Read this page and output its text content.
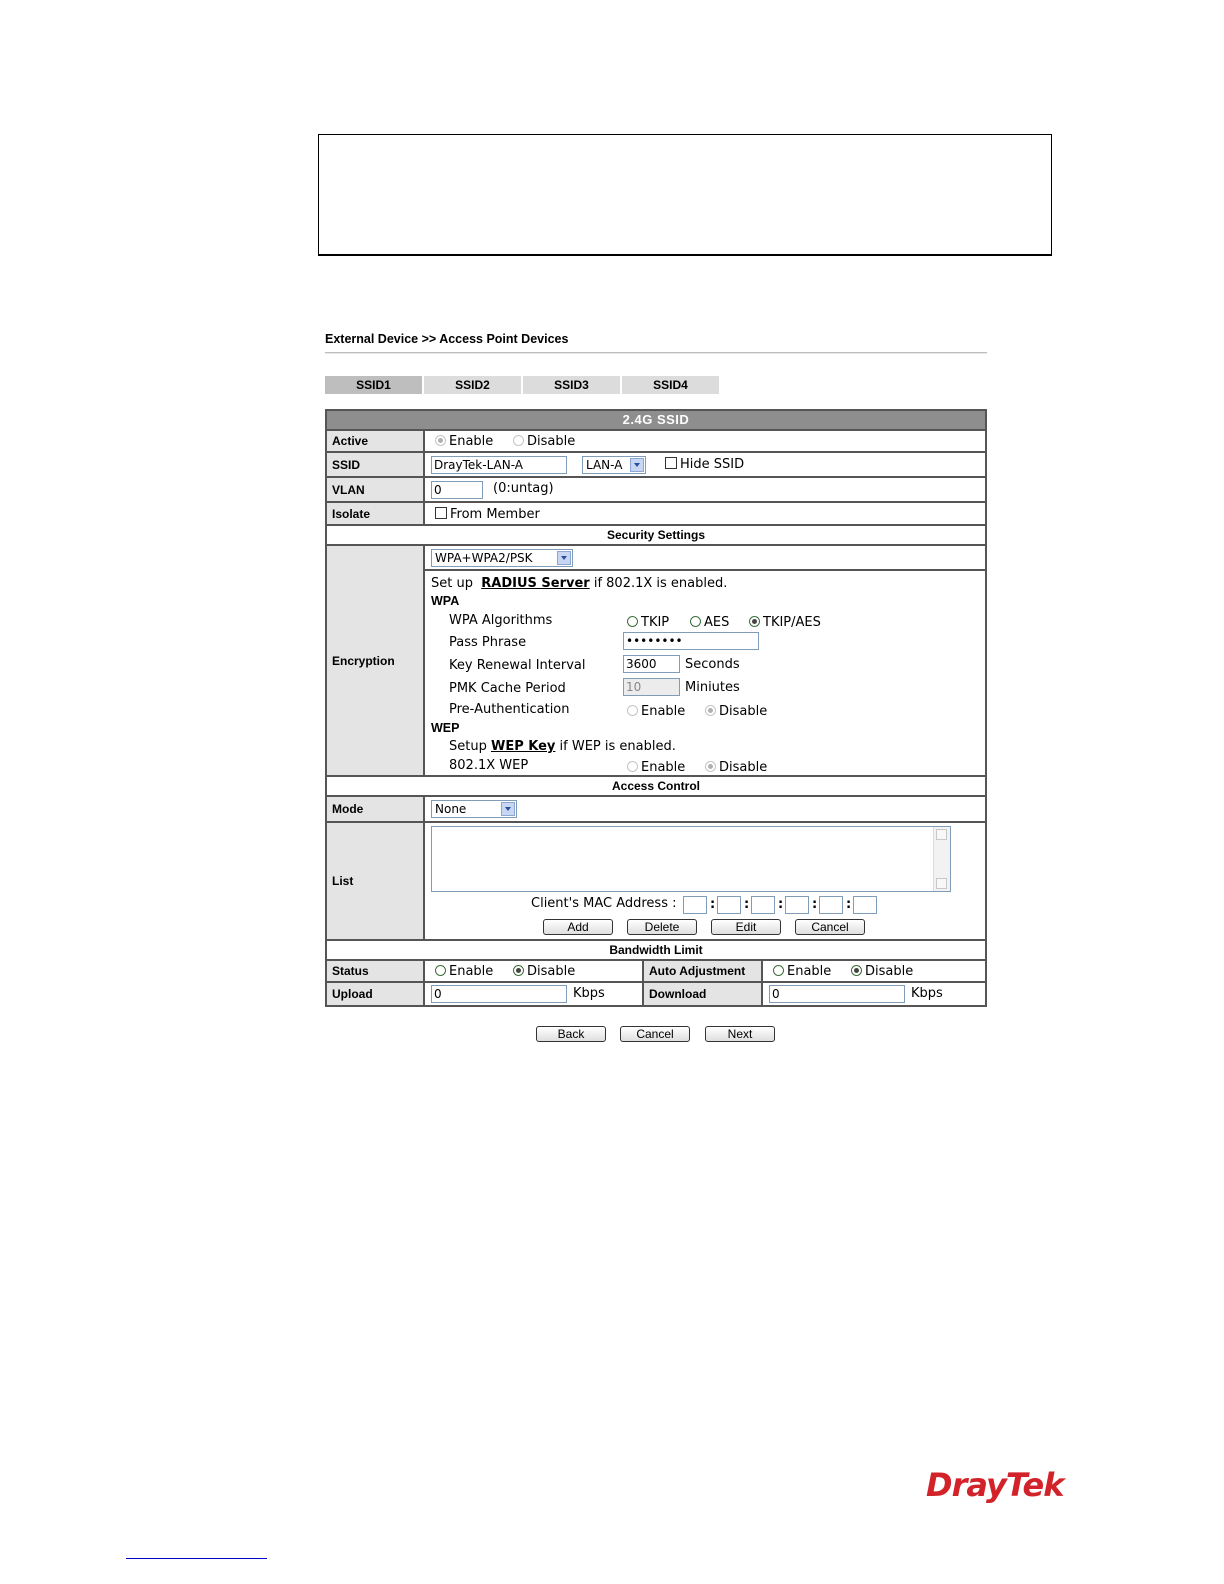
External Device >> Access Point Devices
SSID1	SSID2	SSID3	SSID4
2.4G SSID
Active	Enable	Disable
SSID	DrayTek-LAN-A	LAN-A	Hide SSID
VLAN	0	(0:untag)
Isolate	From Member
Security Settings
Encryption
WPA+WPA2/PSK
Set up RADIUS Server if 802.1X is enabled.
WPA
WPA Algorithms	TKIP	AES	TKIP/AES
Pass Phrase	••••••••
Key Renewal Interval	3600	Seconds
PMK Cache Period	10	Miniutes
Pre-Authentication	Enable	Disable
WEP
Setup WEP Key if WEP is enabled.
802.1X WEP	Enable	Disable
Access Control
Mode	None
List
Client's MAC Address :	: : : : :
Add	Delete	Edit	Cancel
Bandwidth Limit
Status	Enable	Disable	Auto Adjustment	Enable	Disable
Upload	0	Kbps	Download	0	Kbps
Back	Cancel	Next
DrayTek
